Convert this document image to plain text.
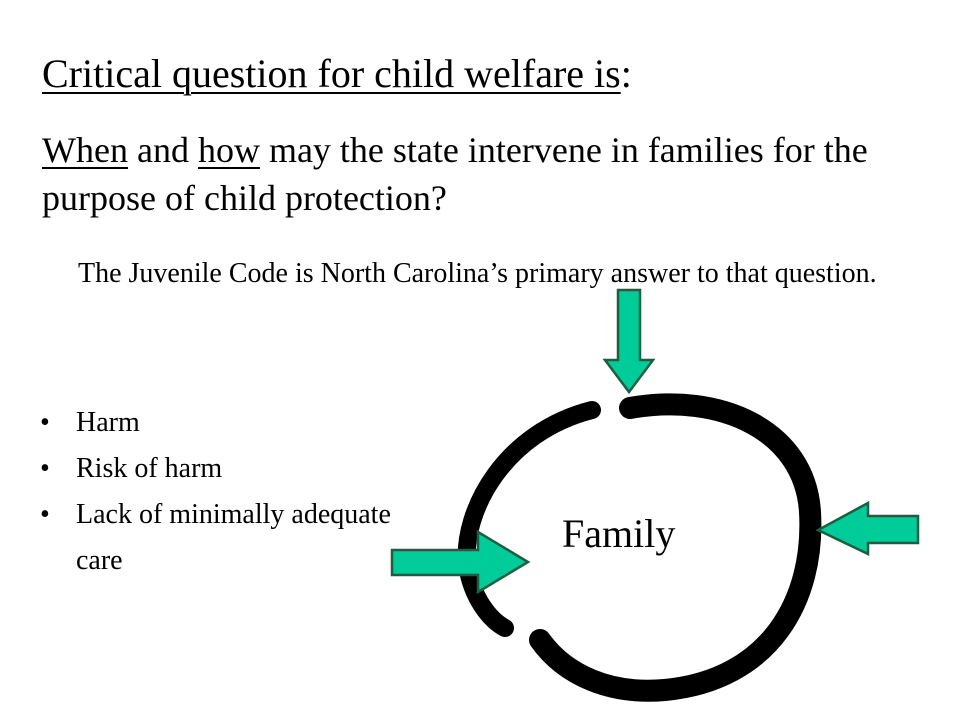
Critical question for child welfare is:
When and how may the state intervene in families for the purpose of child protection?
The Juvenile Code is North Carolina’s primary answer to that question.
• Harm
• Risk of harm
• Lack of minimally adequate care
Family
